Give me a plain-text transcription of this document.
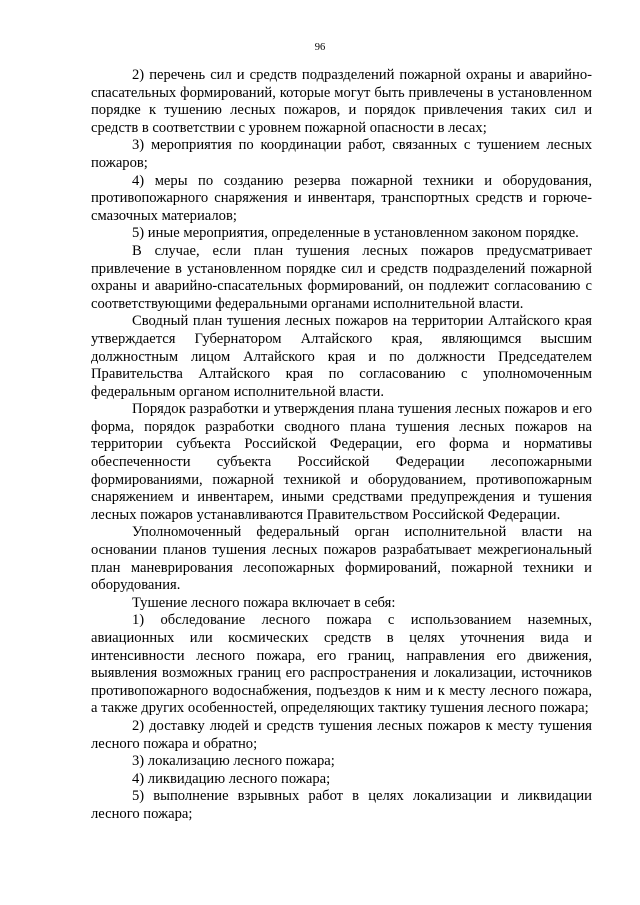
96

2) перечень сил и средств подразделений пожарной охраны и аварийно-спасательных формирований, которые могут быть привлечены в установленном порядке к тушению лесных пожаров, и порядок привлечения таких сил и средств в соответствии с уровнем пожарной опасности в лесах;

3) мероприятия по координации работ, связанных с тушением лесных пожаров;

4) меры по созданию резерва пожарной техники и оборудования, противопожарного снаряжения и инвентаря, транспортных средств и горюче-смазочных материалов;

5) иные мероприятия, определенные в установленном законом порядке.

В случае, если план тушения лесных пожаров предусматривает привлечение в установленном порядке сил и средств подразделений пожарной охраны и аварийно-спасательных формирований, он подлежит согласованию с соответствующими федеральными органами исполнительной власти.

Сводный план тушения лесных пожаров на территории Алтайского края утверждается Губернатором Алтайского края, являющимся высшим должностным лицом Алтайского края и по должности Председателем Правительства Алтайского края по согласованию с уполномоченным федеральным органом исполнительной власти.

Порядок разработки и утверждения плана тушения лесных пожаров и его форма, порядок разработки сводного плана тушения лесных пожаров на территории субъекта Российской Федерации, его форма и нормативы обеспеченности субъекта Российской Федерации лесопожарными формированиями, пожарной техникой и оборудованием, противопожарным снаряжением и инвентарем, иными средствами предупреждения и тушения лесных пожаров устанавливаются Правительством Российской Федерации.

Уполномоченный федеральный орган исполнительной власти на основании планов тушения лесных пожаров разрабатывает межрегиональный план маневрирования лесопожарных формирований, пожарной техники и оборудования.

Тушение лесного пожара включает в себя:

1) обследование лесного пожара с использованием наземных, авиационных или космических средств в целях уточнения вида и интенсивности лесного пожара, его границ, направления его движения, выявления возможных границ его распространения и локализации, источников противопожарного водоснабжения, подъездов к ним и к месту лесного пожара, а также других особенностей, определяющих тактику тушения лесного пожара;

2) доставку людей и средств тушения лесных пожаров к месту тушения лесного пожара и обратно;

3) локализацию лесного пожара;

4) ликвидацию лесного пожара;

5) выполнение взрывных работ в целях локализации и ликвидации лесного пожара;
